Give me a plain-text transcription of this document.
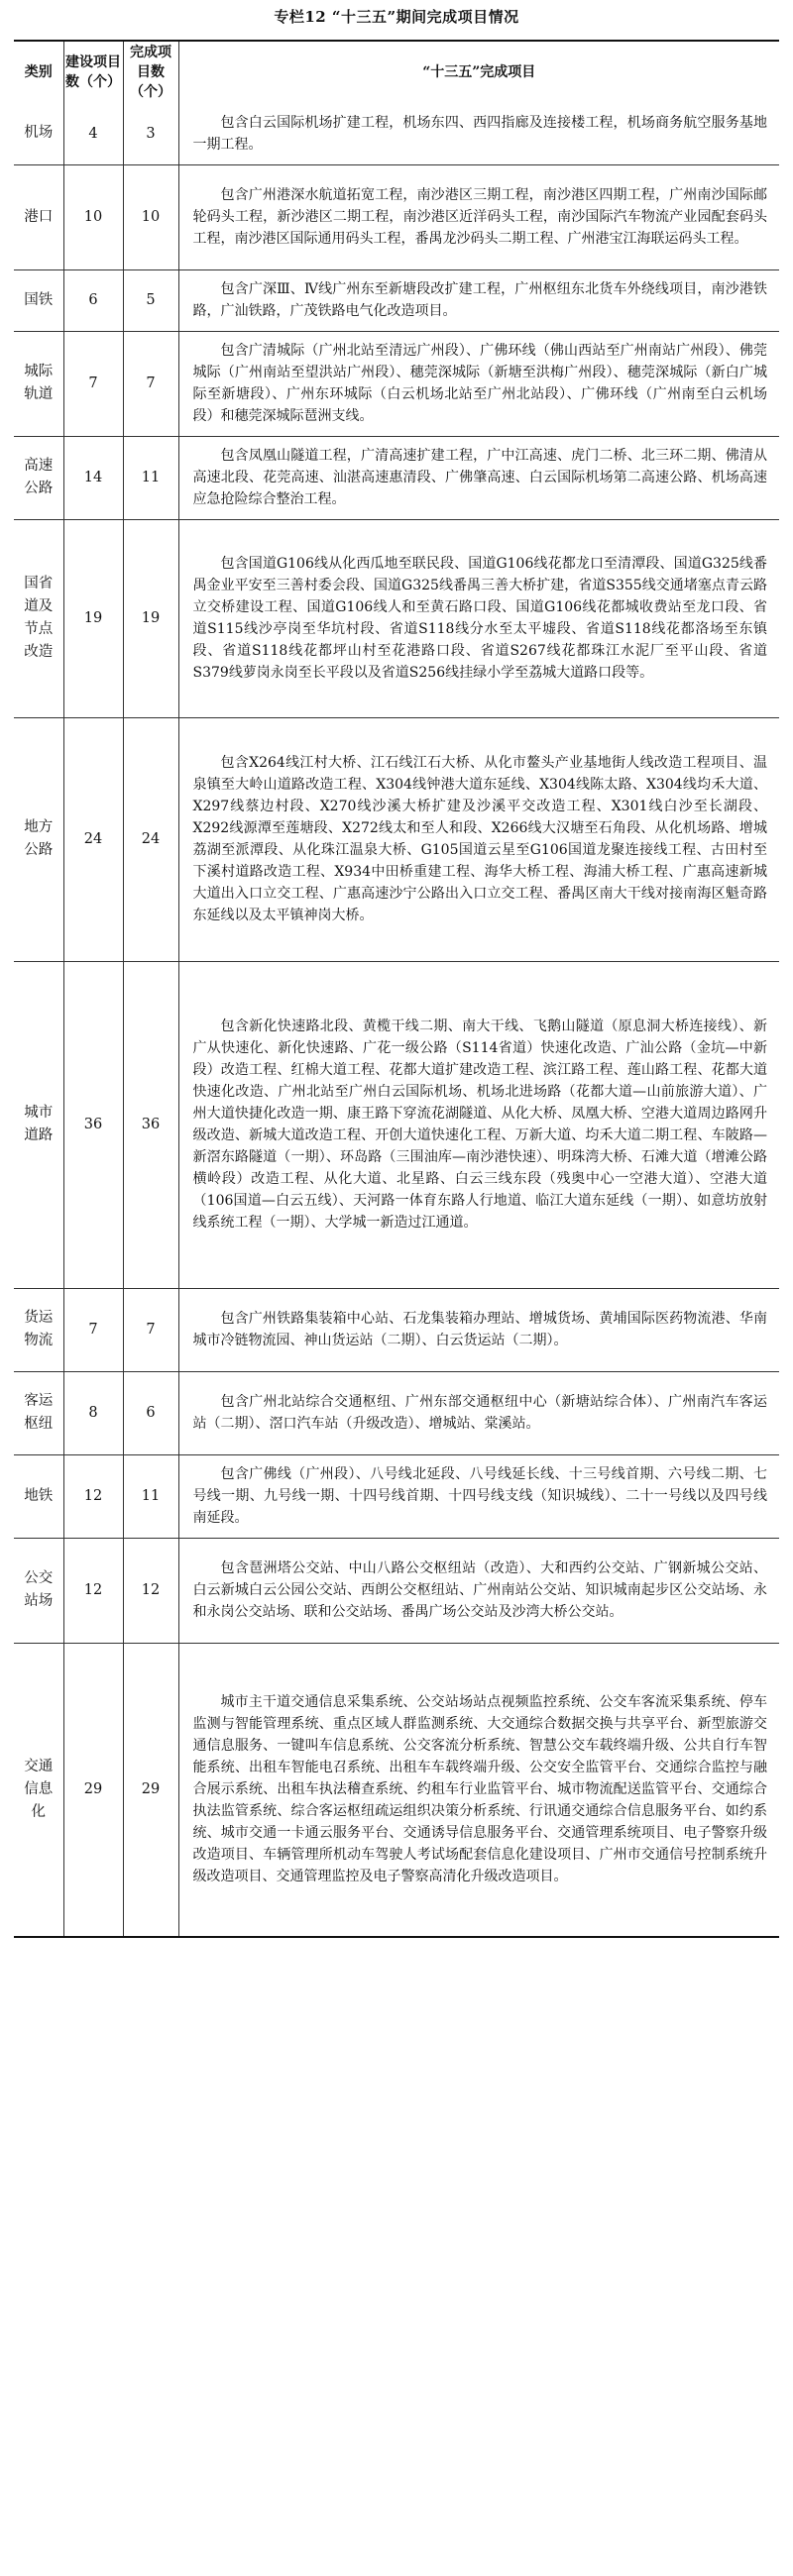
专栏12 “十三五”期间完成项目情况
类别	建设项目数（个）	完成项目数（个）	“十三五”完成项目
机场	4	3	包含白云国际机场扩建工程，机场东四、西四指廊及连接楼工程，机场商务航空服务基地一期工程。
港口	10	10	包含广州港深水航道拓宽工程，南沙港区三期工程，南沙港区四期工程，广州南沙国际邮轮码头工程，新沙港区二期工程，南沙港区近洋码头工程，南沙国际汽车物流产业园配套码头工程，南沙港区国际通用码头工程，番禺龙沙码头二期工程、广州港宝江海联运码头工程。
国铁	6	5	包含广深Ⅲ、Ⅳ线广州东至新塘段改扩建工程，广州枢纽东北货车外绕线项目，南沙港铁路，广汕铁路，广茂铁路电气化改造项目。
城际轨道	7	7	包含广清城际（广州北站至清远广州段）、广佛环线（佛山西站至广州南站广州段）、佛莞城际（广州南站至望洪站广州段）、穗莞深城际（新塘至洪梅广州段）、穗莞深城际（新白广城际至新塘段）、广州东环城际（白云机场北站至广州北站段）、广佛环线（广州南至白云机场段）和穗莞深城际琶洲支线。
高速公路	14	11	包含凤凰山隧道工程，广清高速扩建工程，广中江高速、虎门二桥、北三环二期、佛清从高速北段、花莞高速、汕湛高速惠清段、广佛肇高速、白云国际机场第二高速公路、机场高速应急抢险综合整治工程。
国省道及节点改造	19	19	包含国道G106线从化西瓜地至联民段、国道G106线花都龙口至清潭段、国道G325线番禺金业平安至三善村委会段、国道G325线番禺三善大桥扩建，省道S355线交通堵塞点青云路立交桥建设工程、国道G106线人和至黄石路口段、国道G106线花都城收费站至龙口段、省道S115线沙亭岗至华坑村段、省道S118线分水至太平墟段、省道S118线花都洛场至东镇段、省道S118线花都坪山村至花港路口段、省道S267线花都珠江水泥厂至平山段、省道S379线萝岗永岗至长平段以及省道S256线挂绿小学至荔城大道路口段等。
地方公路	24	24	包含X264线江村大桥、江石线江石大桥、从化市鳌头产业基地街人线改造工程项目、温泉镇至大岭山道路改造工程、X304线钟港大道东延线、X304线陈太路、X304线均禾大道、X297线蔡边村段、X270线沙溪大桥扩建及沙溪平交改造工程、X301线白沙至长湖段、X292线源潭至莲塘段、X272线太和至人和段、X266线大汉塘至石角段、从化机场路、增城荔湖至派潭段、从化珠江温泉大桥、G105国道云星至G106国道龙聚连接线工程、古田村至下溪村道路改造工程、X934中田桥重建工程、海华大桥工程、海浦大桥工程、广惠高速新城大道出入口立交工程、广惠高速沙宁公路出入口立交工程、番禺区南大干线对接南海区魁奇路东延线以及太平镇神岗大桥。
城市道路	36	36	包含新化快速路北段、黄榄干线二期、南大干线、飞鹅山隧道（原息洞大桥连接线）、新广从快速化、新化快速路、广花一级公路（S114省道）快速化改造、广汕公路（金坑—中新段）改造工程、红棉大道工程、花都大道扩建改造工程、滨江路工程、莲山路工程、花都大道快速化改造、广州北站至广州白云国际机场、机场北进场路（花都大道—山前旅游大道）、广州大道快捷化改造一期、康王路下穿流花湖隧道、从化大桥、凤凰大桥、空港大道周边路网升级改造、新城大道改造工程、开创大道快速化工程、万新大道、均禾大道二期工程、车陂路—新滘东路隧道（一期）、环岛路（三围油库—南沙港快速）、明珠湾大桥、石滩大道（增滩公路横岭段）改造工程、从化大道、北星路、白云三线东段（残奥中心一空港大道）、空港大道（106国道—白云五线）、天河路一体育东路人行地道、临江大道东延线（一期）、如意坊放射线系统工程（一期）、大学城一新造过江通道。
货运物流	7	7	包含广州铁路集装箱中心站、石龙集装箱办理站、增城货场、黄埔国际医药物流港、华南城市冷链物流园、神山货运站（二期）、白云货运站（二期）。
客运枢纽	8	6	包含广州北站综合交通枢纽、广州东部交通枢纽中心（新塘站综合体）、广州南汽车客运站（二期）、滘口汽车站（升级改造）、增城站、棠溪站。
地铁	12	11	包含广佛线（广州段）、八号线北延段、八号线延长线、十三号线首期、六号线二期、七号线一期、九号线一期、十四号线首期、十四号线支线（知识城线）、二十一号线以及四号线南延段。
公交站场	12	12	包含琶洲塔公交站、中山八路公交枢纽站（改造）、大和西约公交站、广钢新城公交站、白云新城白云公园公交站、西朗公交枢纽站、广州南站公交站、知识城南起步区公交站场、永和永岗公交站场、联和公交站场、番禺广场公交站及沙湾大桥公交站。
交通信息化	29	29	城市主干道交通信息采集系统、公交站场站点视频监控系统、公交车客流采集系统、停车监测与智能管理系统、重点区域人群监测系统、大交通综合数据交换与共享平台、新型旅游交通信息服务、一键叫车信息系统、公交客流分析系统、智慧公交车载终端升级、公共自行车智能系统、出租车智能电召系统、出租车车载终端升级、公交安全监管平台、交通综合监控与融合展示系统、出租车执法稽查系统、约租车行业监管平台、城市物流配送监管平台、交通综合执法监管系统、综合客运枢纽疏运组织决策分析系统、行讯通交通综合信息服务平台、如约系统、城市交通一卡通云服务平台、交通诱导信息服务平台、交通管理系统项目、电子警察升级改造项目、车辆管理所机动车驾驶人考试场配套信息化建设项目、广州市交通信号控制系统升级改造项目、交通管理监控及电子警察高清化升级改造项目。
